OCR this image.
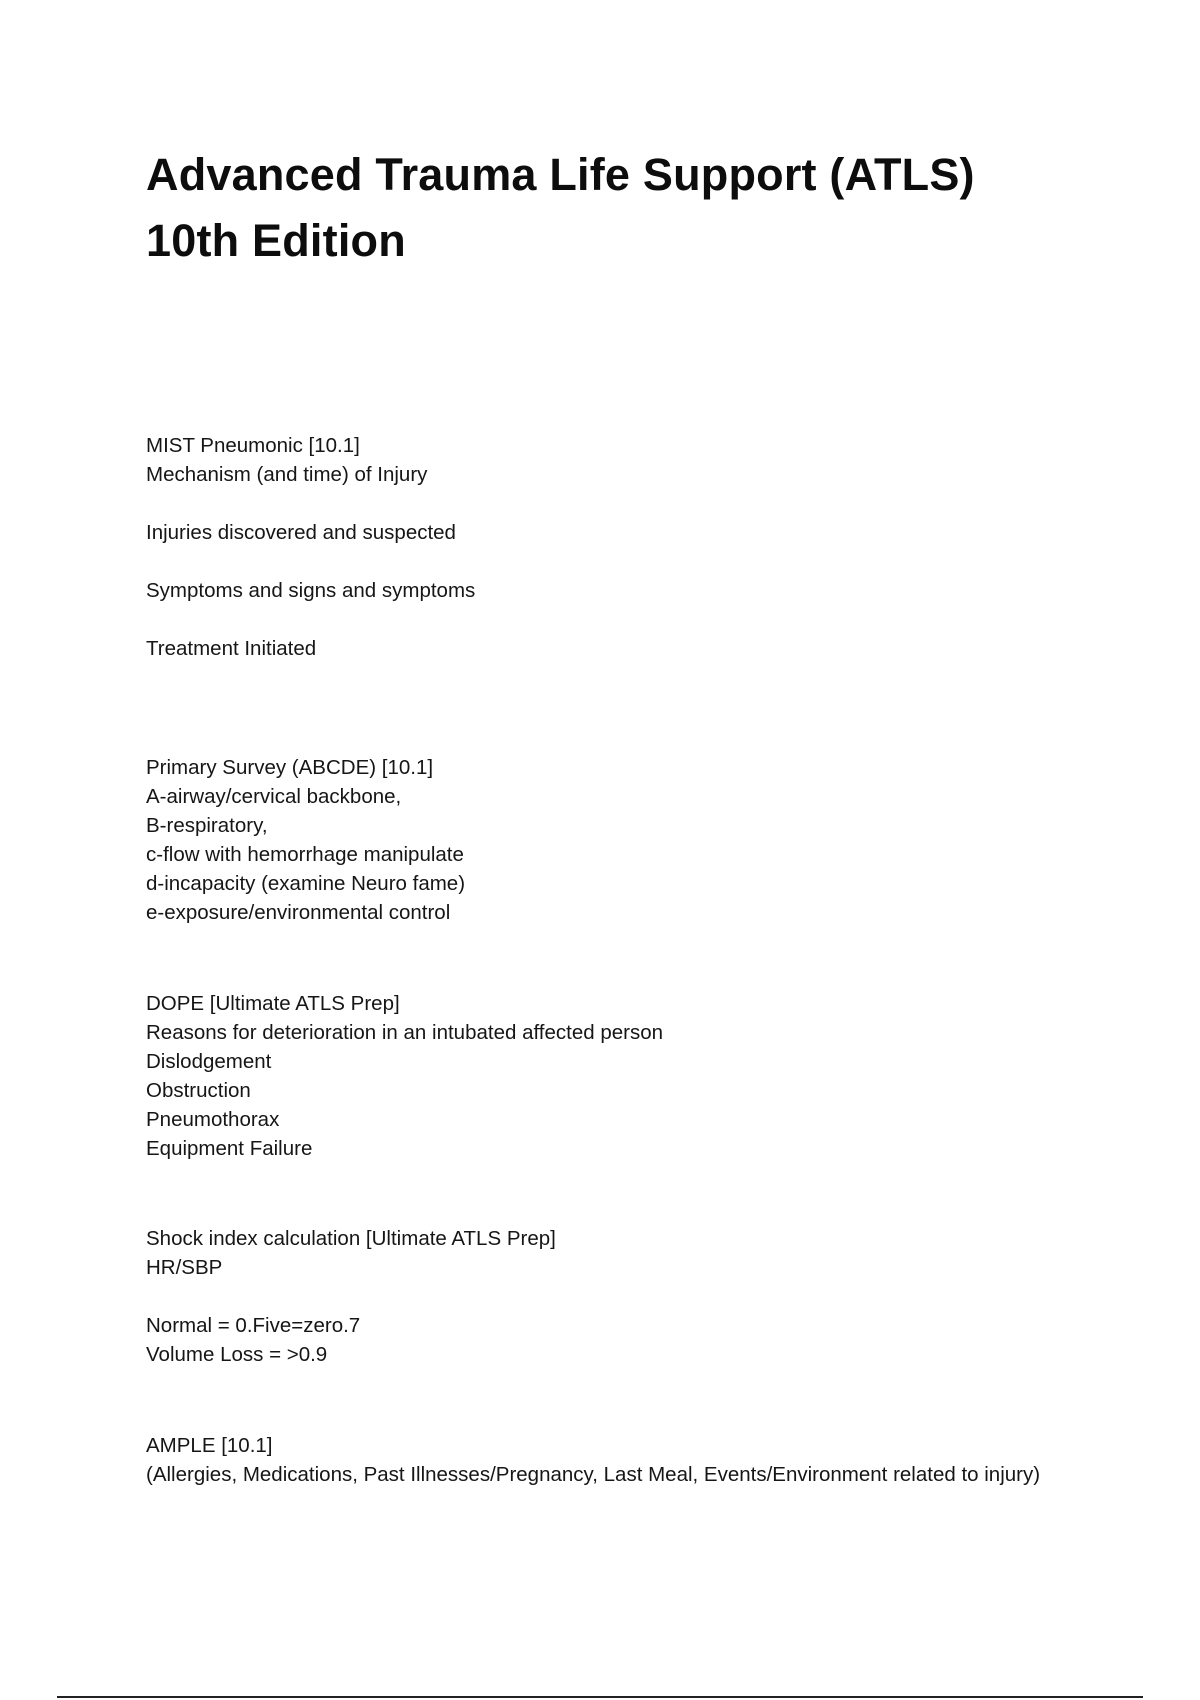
Advanced Trauma Life Support (ATLS)
10th Edition
MIST Pneumonic [10.1]
Mechanism (and time) of Injury
Injuries discovered and suspected
Symptoms and signs and symptoms
Treatment Initiated
Primary Survey (ABCDE) [10.1]
A-airway/cervical backbone,
B-respiratory,
c-flow with hemorrhage manipulate
d-incapacity (examine Neuro fame)
e-exposure/environmental control
DOPE [Ultimate ATLS Prep]
Reasons for deterioration in an intubated affected person
Dislodgement
Obstruction
Pneumothorax
Equipment Failure
Shock index calculation [Ultimate ATLS Prep]
HR/SBP
Normal = 0.Five=zero.7
Volume Loss = >0.9
AMPLE [10.1]
(Allergies, Medications, Past Illnesses/Pregnancy, Last Meal, Events/Environment related to injury)
